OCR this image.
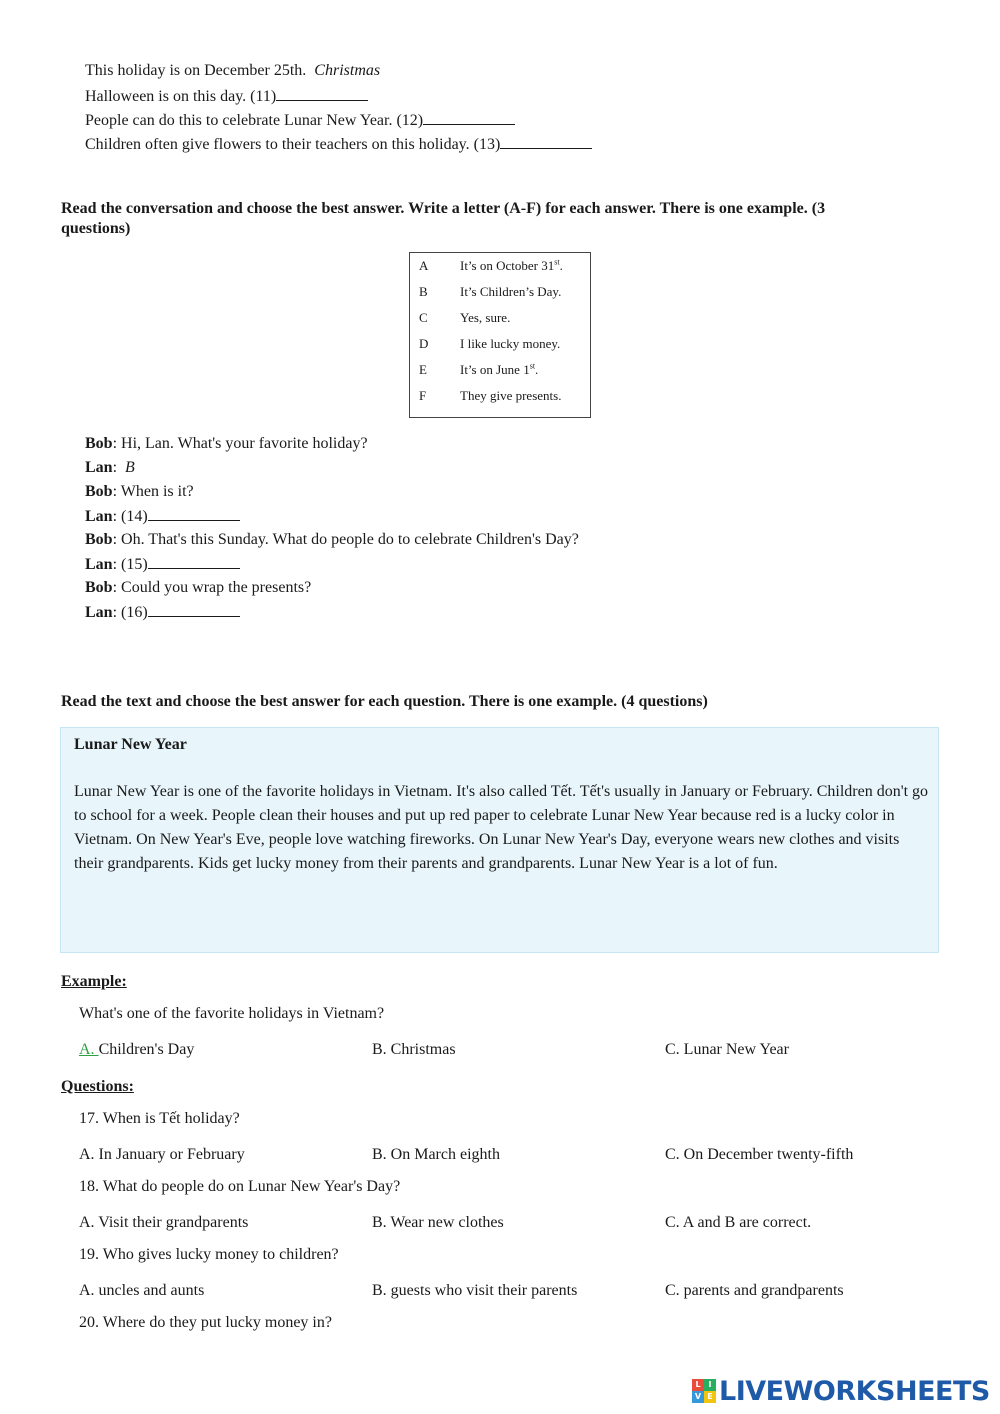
This holiday is on December 25th. Christmas
Halloween is on this day. (11)
People can do this to celebrate Lunar New Year. (12)
Children often give flowers to their teachers on this holiday. (13)
Read the conversation and choose the best answer. Write a letter (A-F) for each answer. There is one example. (3
questions)
A It’s on October 31st.
B It’s Children’s Day.
C Yes, sure.
D I like lucky money.
E	It’s on June 1st.
F	They give presents.
Bob: Hi, Lan. What's your favorite holiday?
Lan: B
Bob: When is it?
Lan: (14)
Bob: Oh. That's this Sunday. What do people do to celebrate Children's Day?
Lan: (15)
Bob: Could you wrap the presents?
Lan: (16)
Read the text and choose the best answer for each question. There is one example. (4 questions)
Lunar New Year
Lunar New Year is one of the favorite holidays in Vietnam. It's also called Tết. Tết's usually in January or February. Children don't go to school for a week. People clean their houses and put up red paper to celebrate Lunar New Year because red is a lucky color in Vietnam. On New Year's Eve, people love watching fireworks. On Lunar New Year's Day, everyone wears new clothes and visits their grandparents. Kids get lucky money from their parents and grandparents. Lunar New Year is a lot of fun.
Example:
What's one of the favorite holidays in Vietnam?
A. Children's Day	B. Christmas	C. Lunar New Year
Questions:
17. When is Tết holiday?
A. In January or February	B. On March eighth	C. On December twenty-fifth
18. What do people do on Lunar New Year's Day?
A. Visit their grandparents	B. Wear new clothes	C. A and B are correct.
19. Who gives lucky money to children?
A. uncles and aunts	B. guests who visit their parents	C. parents and grandparents
20. Where do they put lucky money in?
L I
V E LIVEWORKSHEETS
